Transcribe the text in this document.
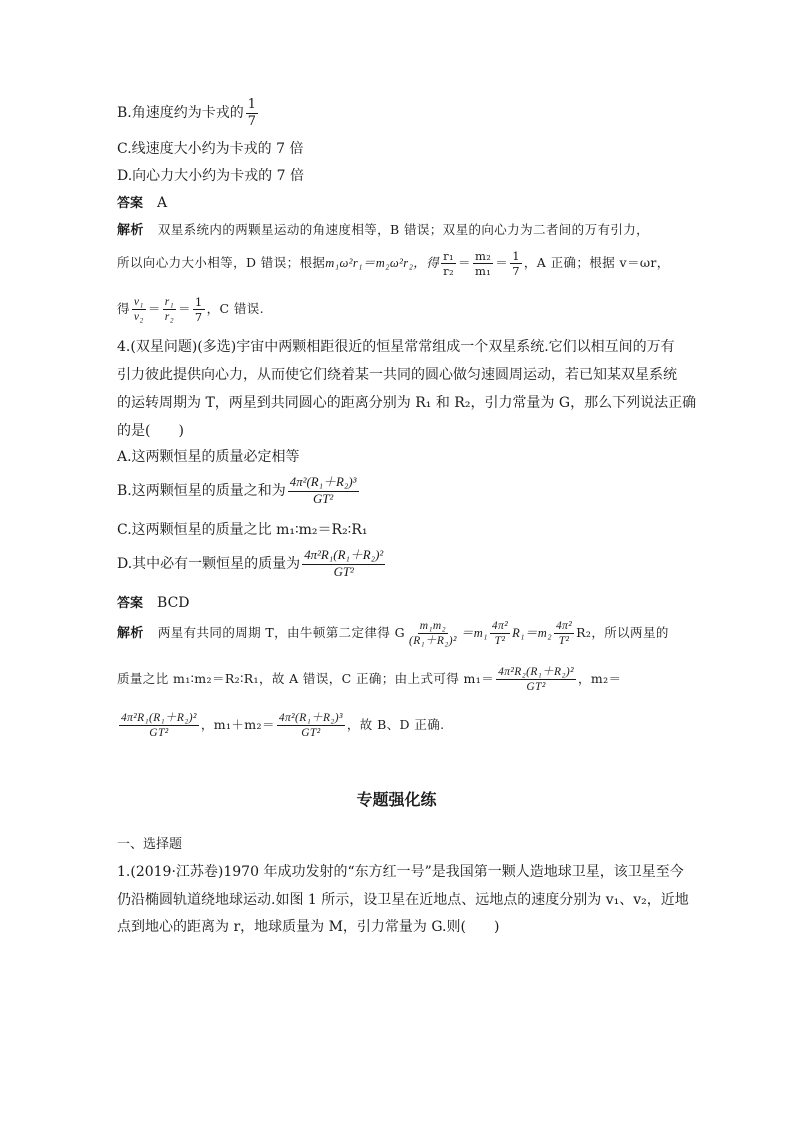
B.角速度约为卡戎的 $\frac{1}{7}$
C.线速度大小约为卡戎的 7 倍
D.向心力大小约为卡戎的 7 倍
答案 A
解析 双星系统内的两颗星运动的角速度相等，B 错误；双星的向心力为二者间的万有引力，
所以向心力大小相等，D 错误；根据m₁ω²r₁＝m₂ω²r₂，得 $\frac{\text{r₁}}{\text{r₂}} = \frac{\text{m₂}}{\text{m₁}} = \frac{1}{7}$ ，A 正确；根据 v＝ωr，
得 $\frac{\text{v₁}}{\text{v₂}} = \frac{\text{r₁}}{\text{r₂}} = \frac{1}{7}$ ，C 错误.
4.(双星问题)(多选)宇宙中两颗相距很近的恒星常常组成一个双星系统.它们以相互间的万有
引力彼此提供向心力，从而使它们绕着某一共同的圆心做匀速圆周运动，若已知某双星系统
的运转周期为 T，两星到共同圆心的距离分别为 R₁ 和 R₂，引力常量为 G，那么下列说法正确
的是(　　)
A.这两颗恒星的质量必定相等
B.这两颗恒星的质量之和为 $\frac{\text{4π²(R₁＋R₂)³}}{\text{GT²}}$
C.这两颗恒星的质量之比 m₁∶m₂＝R₂∶R₁
D.其中必有一颗恒星的质量为 $\frac{\text{4π²R₁(R₁＋R₂)²}}{\text{GT²}}$
答案 BCD
解析 两星有共同的周期 T，由牛顿第二定律得 G $\frac{\text{m₁m₂}}{\text{(R₁＋R₂)²}} =m_1 \frac{\text{4π²}}{\text{T²}} R_1=m_2 \frac{\text{4π²}}{\text{T²}} R_2$，所以两星的
质量之比 m₁∶m₂＝R₂∶R₁，故 A 错误，C 正确；由上式可得 $m_1= \frac{\text{4π²R₂(R₁＋R₂)²}}{\text{GT²}}$ ，m₂＝
$\frac{\text{4π²R₁(R₁＋R₂)²}}{\text{GT²}}$ ，$m_1+m_2= \frac{\text{4π²(R₁＋R₂)³}}{\text{GT²}}$ ，故 B、D 正确.
专题强化练
一、选择题
1.(2019·江苏卷)1970 年成功发射的“东方红一号”是我国第一颗人造地球卫星，该卫星至今
仍沿椭圆轨道绕地球运动.如图 1 所示，设卫星在近地点、远地点的速度分别为 v₁、v₂，近地
点到地心的距离为 r，地球质量为 M，引力常量为 G.则(　　)
